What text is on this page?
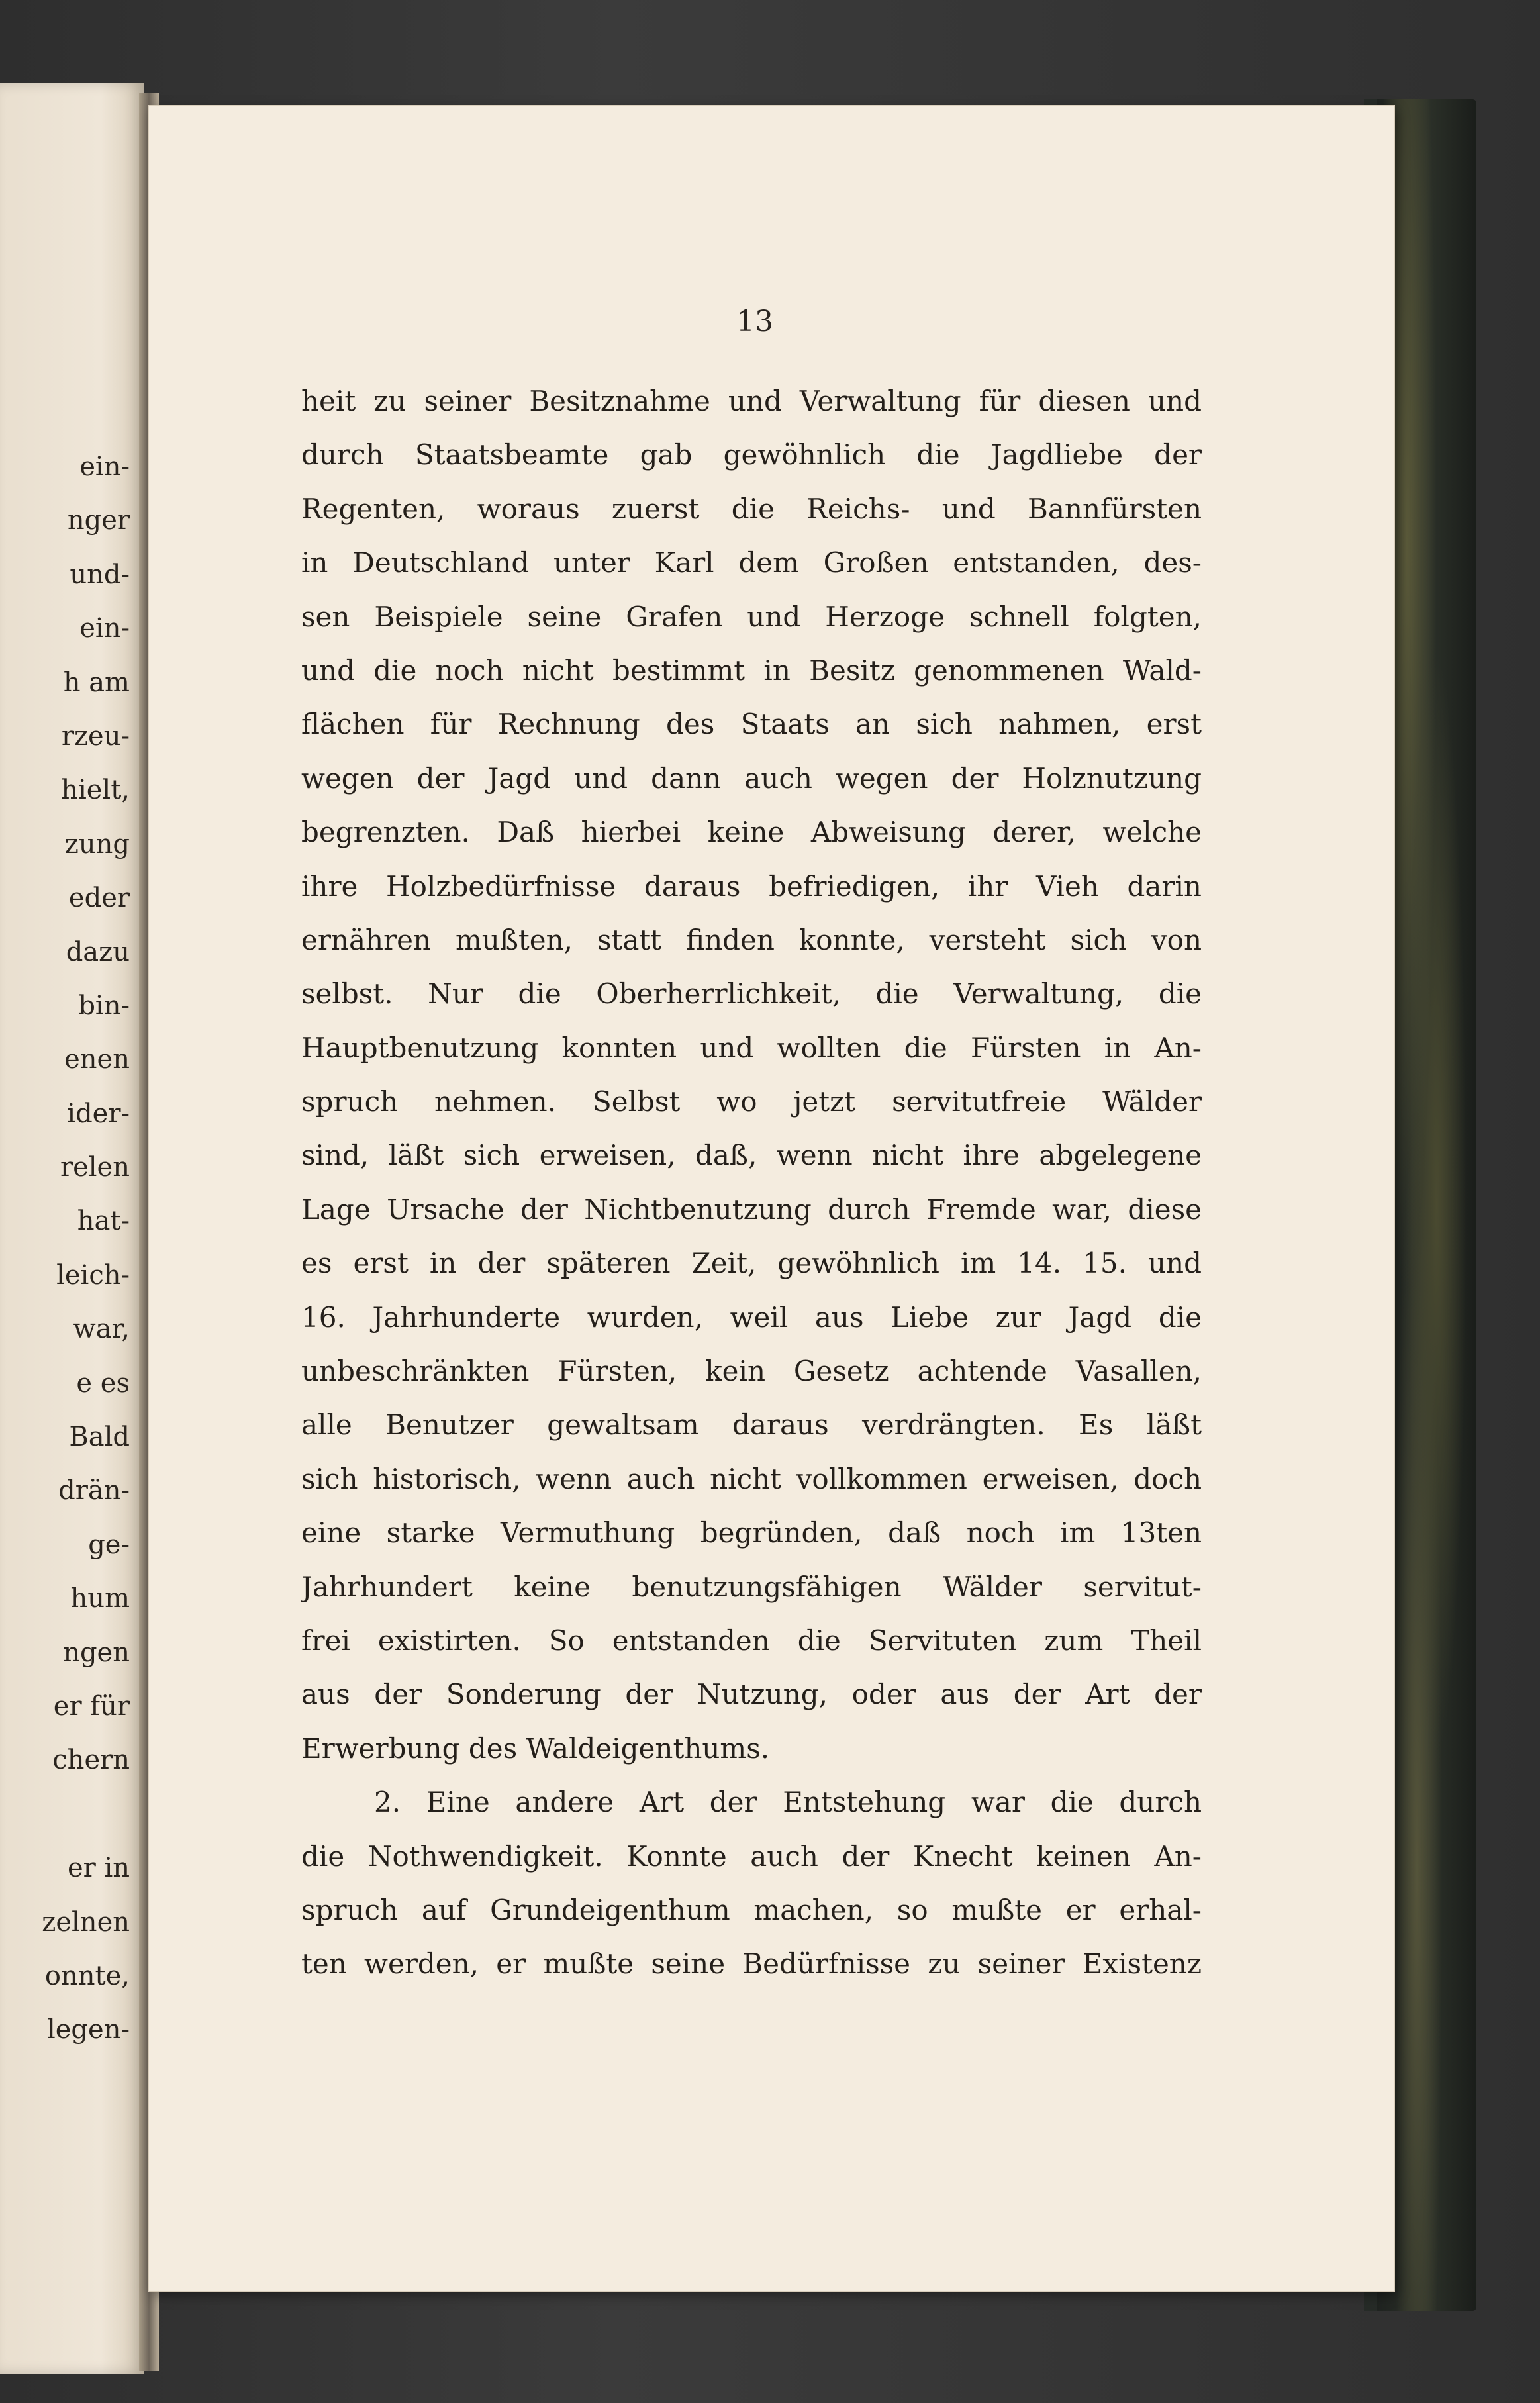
ein-
nger
und-
ein-
h am
rzeu-
hielt,
zung
eder
dazu
bin-
enen
ider-
relen
hat-
leich-
war,
e es
Bald
drän-
ge-
hum
ngen
er für
chern
er in
zelnen
onnte,
legen-
13
heit zu seiner Besitznahme und Verwaltung für diesen und
durch Staatsbeamte gab gewöhnlich die Jagdliebe der
Regenten, woraus zuerst die Reichs- und Bannfürsten
in Deutschland unter Karl dem Großen entstanden, des-
sen Beispiele seine Grafen und Herzoge schnell folgten,
und die noch nicht bestimmt in Besitz genommenen Wald-
flächen für Rechnung des Staats an sich nahmen, erst
wegen der Jagd und dann auch wegen der Holznutzung
begrenzten. Daß hierbei keine Abweisung derer, welche
ihre Holzbedürfnisse daraus befriedigen, ihr Vieh darin
ernähren mußten, statt finden konnte, versteht sich von
selbst. Nur die Oberherrlichkeit, die Verwaltung, die
Hauptbenutzung konnten und wollten die Fürsten in An-
spruch nehmen. Selbst wo jetzt servitutfreie Wälder
sind, läßt sich erweisen, daß, wenn nicht ihre abgelegene
Lage Ursache der Nichtbenutzung durch Fremde war, diese
es erst in der späteren Zeit, gewöhnlich im 14. 15. und
16. Jahrhunderte wurden, weil aus Liebe zur Jagd die
unbeschränkten Fürsten, kein Gesetz achtende Vasallen,
alle Benutzer gewaltsam daraus verdrängten. Es läßt
sich historisch, wenn auch nicht vollkommen erweisen, doch
eine starke Vermuthung begründen, daß noch im 13ten
Jahrhundert keine benutzungsfähigen Wälder servitut-
frei existirten. So entstanden die Servituten zum Theil
aus der Sonderung der Nutzung, oder aus der Art der
Erwerbung des Waldeigenthums.
2. Eine andere Art der Entstehung war die durch
die Nothwendigkeit. Konnte auch der Knecht keinen An-
spruch auf Grundeigenthum machen, so mußte er erhal-
ten werden, er mußte seine Bedürfnisse zu seiner Existenz
